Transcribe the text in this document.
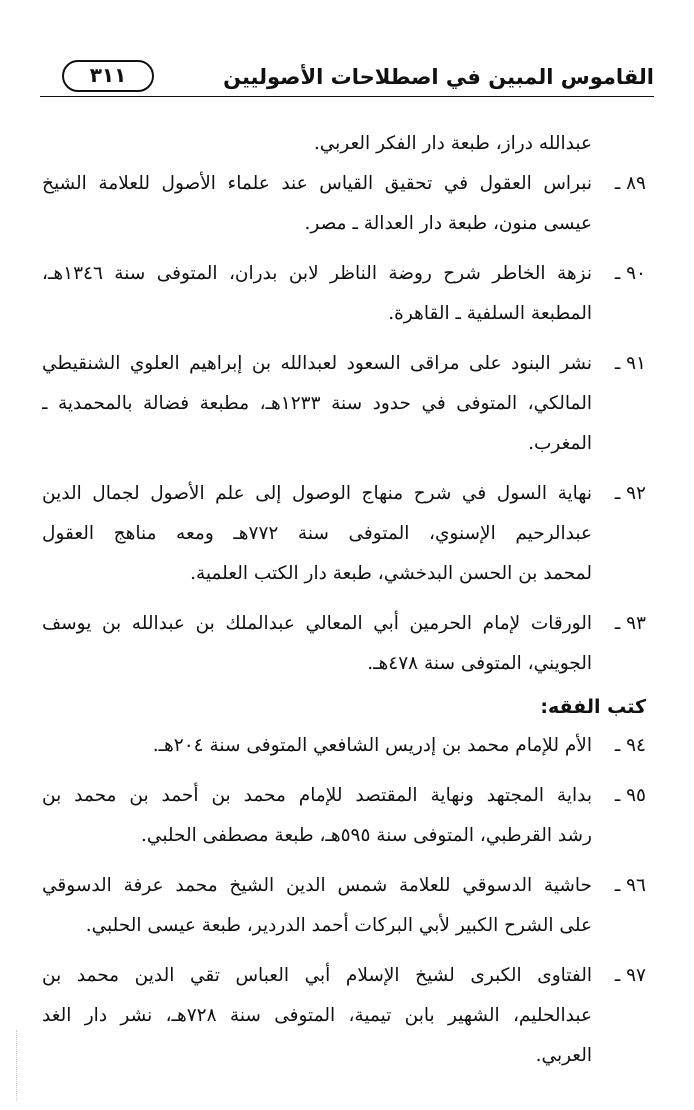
القاموس المبين في اصطلاحات الأصوليين
٣١١
عبدالله دراز، طبعة دار الفكر العربي.
٨٩ ـ
نبراس العقول في تحقيق القياس عند علماء الأصول للعلامة الشيخ
عيسى منون، طبعة دار العدالة ـ مصر.
٩٠ ـ
نزهة الخاطر شرح روضة الناظر لابن بدران، المتوفى سنة ١٣٤٦هـ،
المطبعة السلفية ـ القاهرة.
٩١ ـ
نشر البنود على مراقى السعود لعبدالله بن إبراهيم العلوي الشنقيطي
المالكي، المتوفى في حدود سنة ١٢٣٣هـ، مطبعة فضالة بالمحمدية ـ
المغرب.
٩٢ ـ
نهاية السول في شرح منهاج الوصول إلى علم الأصول لجمال الدين
عبدالرحيم الإسنوي، المتوفى سنة ٧٧٢هـ ومعه مناهج العقول
لمحمد بن الحسن البدخشي، طبعة دار الكتب العلمية.
٩٣ ـ
الورقات لإمام الحرمين أبي المعالي عبدالملك بن عبدالله بن يوسف
الجويني، المتوفى سنة ٤٧٨هـ.
كتب الفقه:
٩٤ ـ
الأم للإمام محمد بن إدريس الشافعي المتوفى سنة ٢٠٤هـ.
٩٥ ـ
بداية المجتهد ونهاية المقتصد للإمام محمد بن أحمد بن محمد بن
رشد القرطبي، المتوفى سنة ٥٩٥هـ، طبعة مصطفى الحلبي.
٩٦ ـ
حاشية الدسوقي للعلامة شمس الدين الشيخ محمد عرفة الدسوقي
على الشرح الكبير لأبي البركات أحمد الدردير، طبعة عيسى الحلبي.
٩٧ ـ
الفتاوى الكبرى لشيخ الإسلام أبي العباس تقي الدين محمد بن
عبدالحليم، الشهير بابن تيمية، المتوفى سنة ٧٢٨هـ، نشر دار الغد
العربي.
